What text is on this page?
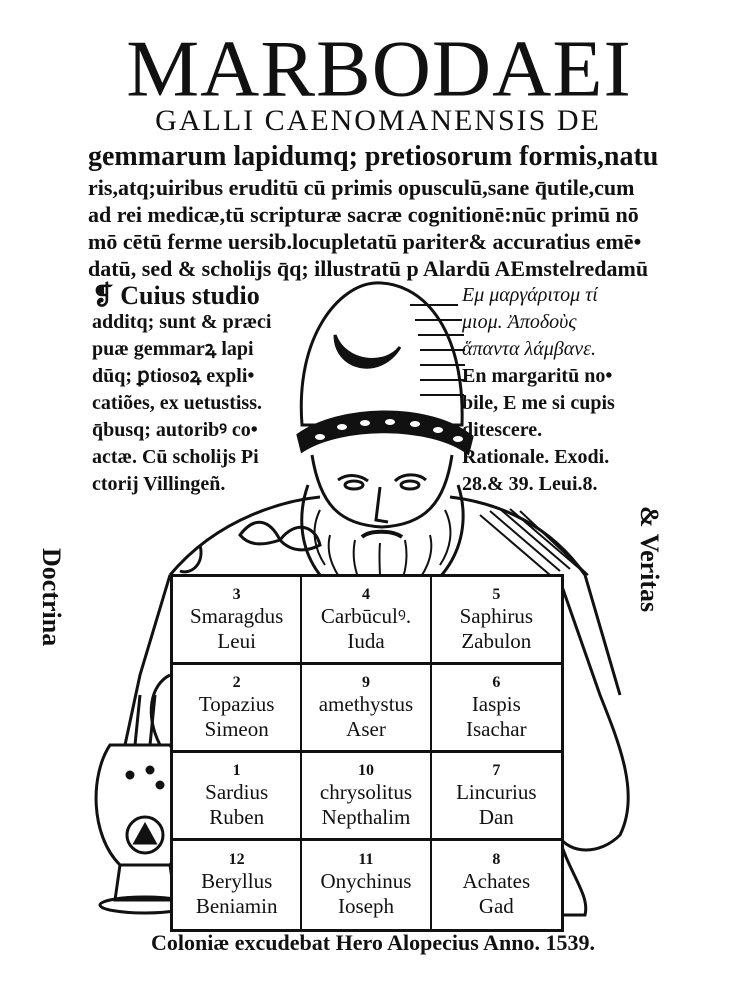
MARBODAEI
GALLI CAENOMANENSIS DE
gemmarum lapidumq; pretiosorum formis,natu
ris,atq;uiribus eruditū cū primis opusculū,sane q̄utile,cum
ad rei medicæ,tū scripturæ sacræ cognitionē:nūc primū nō
mō cētū ferme uersib.locupletatū pariter& accuratius emē•
datū, sed & scholijs q̄q; illustratū p Alardū AEmstelredamū
❡ Cuius studio
additq; sunt & præci
puæ gemmarꝝ lapi
dūq; ꝑtiosoꝝ expli•
catiões, ex uetustiss.
q̄busq; autoribꝰ co•
actæ. Cū scholijs Pi
ctorij Villingeñ.
Εμ μαργάριτομ τί
μιομ. Ἀποδοὺς
ἅπαντα λάμβανε.
En margaritū no•
bile, E me si cupis
ditescere.
Rationale. Exodi.
28.& 39. Leui.8.
Doctrina	& Veritas
3
Smaragdus
Leui
4
Carbūculꝰ.
Iuda
5
Saphirus
Zabulon
2
Topazius
Simeon
9
amethystus
Aser
6
Iaspis
Isachar
1
Sardius
Ruben
10
chrysolitus
Nepthalim
7
Lincurius
Dan
12
Beryllus
Beniamin
11
Onychinus
Ioseph
8
Achates
Gad
Coloniæ excudebat Hero Alopecius Anno. 1539.
